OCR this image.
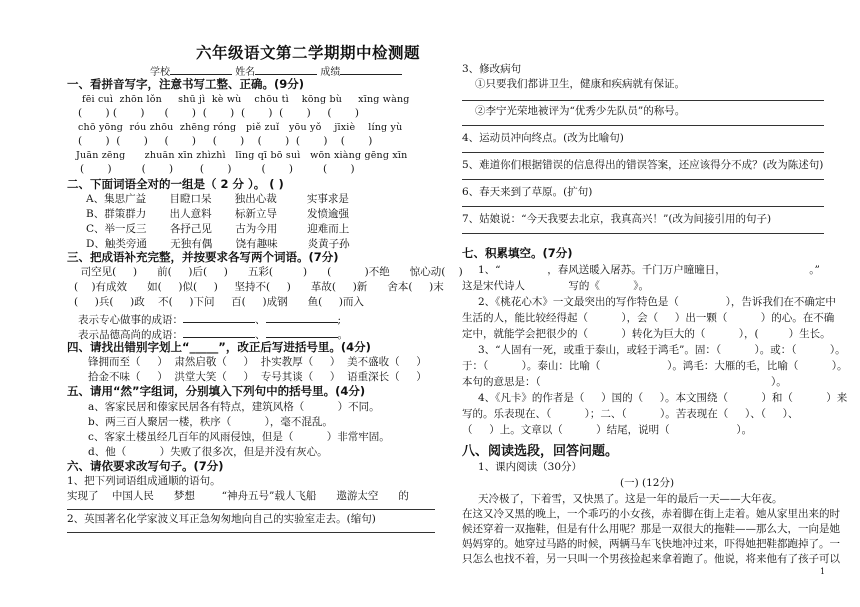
六年级语文第二学期期中检测题
学校	姓名	成绩
一、看拼音写字，注意书写工整、正确。(9分)
fēi cuì  zhōn lǒn     shū jì  kè wù    chōu tì    kōng bù     xīng wàng
(       ) (       )      (       )  (       )  (       )  (       )     (       )
chō yōng  róu zhōu  zhēng róng   piě zuǐ   yōu yǒ    jīxiè    líng yù
(       )  (       )     (       )     (       )    (       )  (       )    (       )
Juān zēng      zhuān xīn zhìzhì   līng qī bō suì   wōn xiàng gēng xīn
(       )         (       )        (       )         (       )         (       )
二、下面词语全对的一组是（ 2 分 ）。 ( )
A、集思广益       目瞪口呆       独出心裁         实事求是
B、群策群力       出人意料       标新立导         发愤逾强
C、举一反三       各抒己见       古为今用         迎难而上
D、触类旁通       无独有偶       饶有趣味         炎黄子孙
三、把成语补充完整，并按要求各写两个词语。(7分)
司空见(     )      前(     )后(     )      五彩(         )      (          )不绝      惊心动(    )
(    )有成效      如(     )似(     )     坚持不(     )      革故(     )新      舍本(     )末
(     )兵(     )政    不(     )下问     百(     )成钢      鱼(     )而入
表示专心做事的成语：	、	;
表示品德高尚的成语：	、	。
四、请找出错别字划上“_____”，改正后写进括号里。(4分)
锋拥而至（     ）  肃然启敬（     ）  扑实教厚（     ）  美不盛收（     ）
拾金不味（     ）  洪堂大笑（     ）  专号其谈（     ）  语重深长（     ）
五、请用“然”字组词，分别填入下列句中的括号里。(4分)
a、客家民居和傣家民居各有特点，建筑风格（          ）不同。
b、两三百人聚居一楼，秩序（          ），毫不混乱。
c、客家土楼虽经几百年的风雨侵蚀，但是（          ）非常牢固。
d、他（          ）失败了很多次，但是并没有灰心。
六、请依要求改写句子。(7分)
1、把下列词语组成通顺的语句。
实现了    中国人民      梦想        “神舟五号”载人飞船      遨游太空      的
2、英国著名化学家波义耳正急匆匆地向自己的实验室走去。(缩句)
3、修改病句
①只要我们都讲卫生，健康和疾病就有保证。
②李宁光荣地被评为“优秀少先队员”的称号。
4、运动员冲向终点。(改为比喻句)
5、难道你们根据错误的信息得出的错误答案，还应该得分不成？(改为陈述句)
6、春天来到了草原。(扩句)
7、姑娘说：“今天我要去北京，我真高兴！”(改为间接引用的句子)
七、积累填空。(7分)
1、“              ，春风送暖入屠苏。千门万户曈曈日，                         。”
这是宋代诗人             写的《          》。
2、《桃花心木》一文最突出的写作特色是（              ），告诉我们在不确定中
生活的人，能比较经得起（          ），会（     ）出一颗（          ）的心。在不确
定中，就能学会把很少的（          ）转化为巨大的（          ），(         ）生长。
3、“人固有一死，或重于泰山，或轻于鸿毛”。固：（          ）。或：（          ）。
于：（          ）。泰山：比喻（                    ）。鸿毛：大雁的毛，比喻（          ）。
本句的意思是：（                                                                     ）。
4、《凡卡》的作者是（     ）国的（     ）。本文围绕（          ）和（          ）来
写的。乐表现在、（          ）；二、（          ）。苦表现在（     ）、（     ）、
（     ）上。文章以（          ）结尾，说明（                    ）。
八、阅读选段，回答问题。
1、课内阅读（30分）
(一) (12分)
天冷极了，下着雪，又快黑了。这是一年的最后一天——大年夜。
在这又冷又黑的晚上，一个乖巧的小女孩，赤着脚在街上走着。她从家里出来的时
候还穿着一双拖鞋，但是有什么用呢？那是一双很大的拖鞋——那么大，一向是她
妈妈穿的。她穿过马路的时候，两辆马车飞快地冲过来，吓得她把鞋都跑掉了。一
只怎么也找不着，另一只叫一个男孩捡起来拿着跑了。他说，将来他有了孩子可以
1
